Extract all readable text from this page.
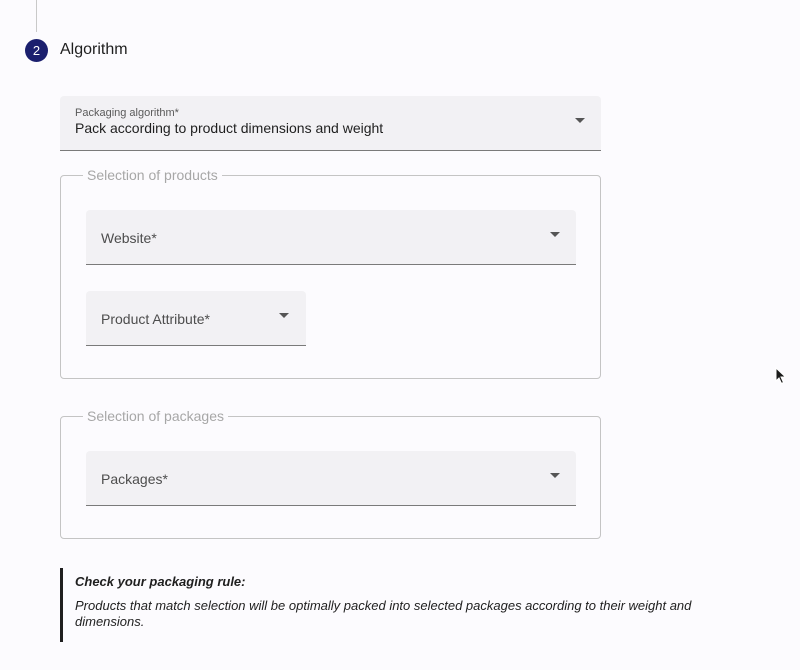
2	Algorithm
Packaging algorithm*
Pack according to product dimensions and weight
Selection of products
Website*
Product Attribute*
Selection of packages
Packages*
Check your packaging rule:
Products that match selection will be optimally packed into selected packages according to their weight and dimensions.
